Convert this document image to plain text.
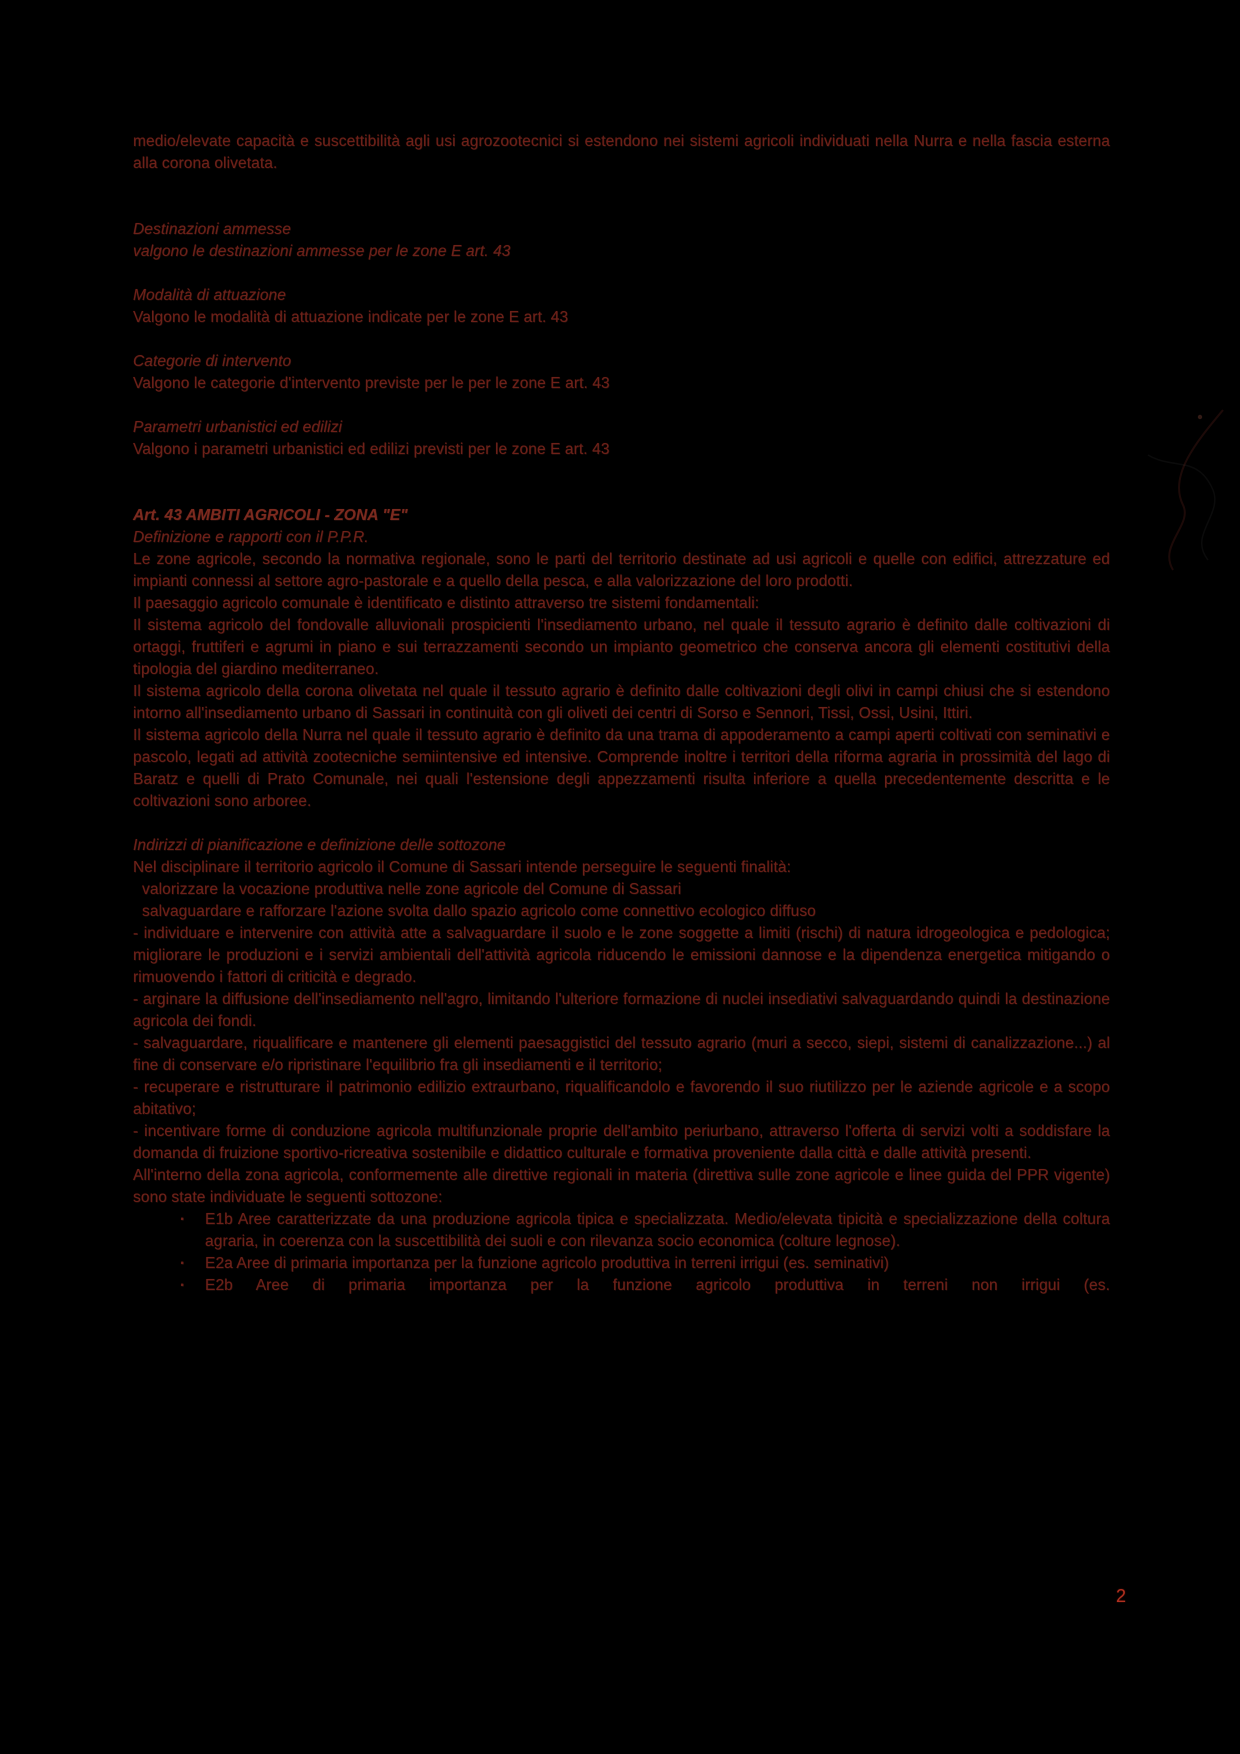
medio/elevate capacità e suscettibilità agli usi agrozootecnici si estendono nei sistemi agricoli individuati nella Nurra e nella fascia esterna alla corona olivetata.

Destinazioni ammesse
valgono le destinazioni ammesse per le zone E art. 43
Modalità di attuazione
Valgono le modalità di attuazione indicate per le zone E art. 43
Categorie di intervento
Valgono le categorie d'intervento previste per le per le zone E art. 43
Parametri urbanistici ed edilizi
Valgono i parametri urbanistici ed edilizi previsti per le zone E art. 43
Art. 43 AMBITI AGRICOLI - ZONA "E"
Definizione e rapporti con il P.P.R.

Le zone agricole, secondo la normativa regionale, sono le parti del territorio destinate ad usi agricoli e quelle con edifici, attrezzature ed impianti connessi al settore agro-pastorale e a quello della pesca, e alla valorizzazione del loro prodotti.

Il paesaggio agricolo comunale è identificato e distinto attraverso tre sistemi fondamentali:

Il sistema agricolo del fondovalle alluvionali prospicienti l'insediamento urbano, nel quale il tessuto agrario è definito dalle coltivazioni di ortaggi, fruttiferi e agrumi in piano e sui terrazzamenti secondo un impianto geometrico che conserva ancora gli elementi costitutivi della tipologia del giardino mediterraneo.

Il sistema agricolo della corona olivetata nel quale il tessuto agrario è definito dalle coltivazioni degli olivi in campi chiusi che si estendono intorno all'insediamento urbano di Sassari in continuità con gli oliveti dei centri di Sorso e Sennori, Tissi, Ossi, Usini, Ittiri.

Il sistema agricolo della Nurra nel quale il tessuto agrario è definito da una trama di appoderamento a campi aperti coltivati con seminativi e pascolo, legati ad attività zootecniche semiintensive ed intensive. Comprende inoltre i territori della riforma agraria in prossimità del lago di Baratz e quelli di Prato Comunale, nei quali l'estensione degli appezzamenti risulta inferiore a quella precedentemente descritta e le coltivazioni sono arboree.

Indirizzi di pianificazione e definizione delle sottozone
Nel disciplinare il territorio agricolo il Comune di Sassari intende perseguire le seguenti finalità:

valorizzare la vocazione produttiva nelle zone agricole del Comune di Sassari

salvaguardare e rafforzare l'azione svolta dallo spazio agricolo come connettivo ecologico diffuso

- individuare e intervenire con attività atte a salvaguardare il suolo e le zone soggette a limiti (rischi) di natura idrogeologica e pedologica; migliorare le produzioni e i servizi ambientali dell'attività agricola riducendo le emissioni dannose e la dipendenza energetica mitigando o rimuovendo i fattori di criticità e degrado.

- arginare la diffusione dell'insediamento nell'agro, limitando l'ulteriore formazione di nuclei insediativi salvaguardando quindi la destinazione agricola dei fondi.

- salvaguardare, riqualificare e mantenere gli elementi paesaggistici del tessuto agrario (muri a secco, siepi, sistemi di canalizzazione...) al fine di conservare e/o ripristinare l'equilibrio fra gli insediamenti e il territorio;

- recuperare e ristrutturare il patrimonio edilizio extraurbano, riqualificandolo e favorendo il suo riutilizzo per le aziende agricole e a scopo abitativo;

- incentivare forme di conduzione agricola multifunzionale proprie dell'ambito periurbano, attraverso l'offerta di servizi volti a soddisfare la domanda di fruizione sportivo-ricreativa sostenibile e didattico culturale e formativa proveniente dalla città e dalle attività presenti.

All'interno della zona agricola, conformemente alle direttive regionali in materia (direttiva sulle zone agricole e linee guida del PPR vigente) sono state individuate le seguenti sottozone:

· E1b Aree caratterizzate da una produzione agricola tipica e specializzata. Medio/elevata tipicità e specializzazione della coltura agraria, in coerenza con la suscettibilità dei suoli e con rilevanza socio economica (colture legnose).

· E2a Aree di primaria importanza per la funzione agricolo produttiva in terreni irrigui (es. seminativi)

· E2b Aree di primaria importanza per la funzione agricolo produttiva in terreni non irrigui (es.

2
